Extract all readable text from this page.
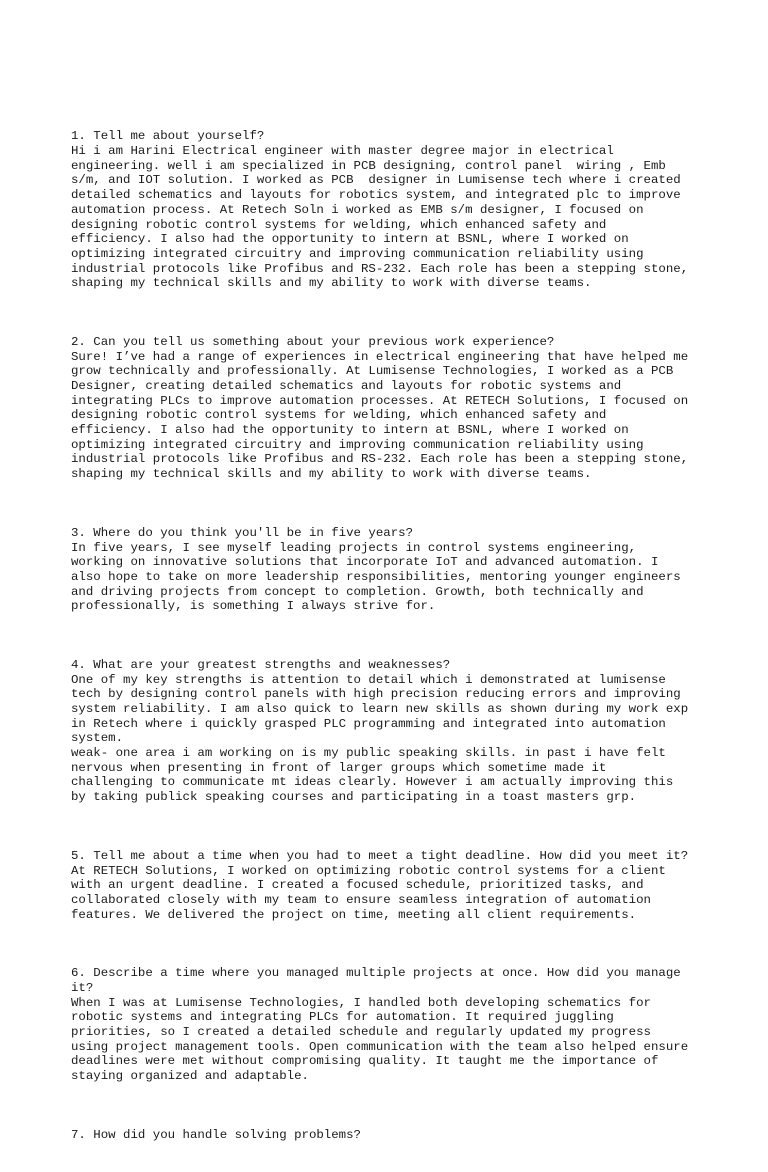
1. Tell me about yourself?
Hi i am Harini Electrical engineer with master degree major in electrical
engineering. well i am specialized in PCB designing, control panel  wiring , Emb
s/m, and IOT solution. I worked as PCB  designer in Lumisense tech where i created
detailed schematics and layouts for robotics system, and integrated plc to improve
automation process. At Retech Soln i worked as EMB s/m designer, I focused on
designing robotic control systems for welding, which enhanced safety and
efficiency. I also had the opportunity to intern at BSNL, where I worked on
optimizing integrated circuitry and improving communication reliability using
industrial protocols like Profibus and RS-232. Each role has been a stepping stone,
shaping my technical skills and my ability to work with diverse teams.

2. Can you tell us something about your previous work experience?
Sure! I’ve had a range of experiences in electrical engineering that have helped me
grow technically and professionally. At Lumisense Technologies, I worked as a PCB
Designer, creating detailed schematics and layouts for robotic systems and
integrating PLCs to improve automation processes. At RETECH Solutions, I focused on
designing robotic control systems for welding, which enhanced safety and
efficiency. I also had the opportunity to intern at BSNL, where I worked on
optimizing integrated circuitry and improving communication reliability using
industrial protocols like Profibus and RS-232. Each role has been a stepping stone,
shaping my technical skills and my ability to work with diverse teams.

3. Where do you think you'll be in five years?
In five years, I see myself leading projects in control systems engineering,
working on innovative solutions that incorporate IoT and advanced automation. I
also hope to take on more leadership responsibilities, mentoring younger engineers
and driving projects from concept to completion. Growth, both technically and
professionally, is something I always strive for.

4. What are your greatest strengths and weaknesses?
One of my key strengths is attention to detail which i demonstrated at lumisense
tech by designing control panels with high precision reducing errors and improving
system reliability. I am also quick to learn new skills as shown during my work exp
in Retech where i quickly grasped PLC programming and integrated into automation
system.
weak- one area i am working on is my public speaking skills. in past i have felt
nervous when presenting in front of larger groups which sometime made it
challenging to communicate mt ideas clearly. However i am actually improving this
by taking publick speaking courses and participating in a toast masters grp.

5. Tell me about a time when you had to meet a tight deadline. How did you meet it?
At RETECH Solutions, I worked on optimizing robotic control systems for a client
with an urgent deadline. I created a focused schedule, prioritized tasks, and
collaborated closely with my team to ensure seamless integration of automation
features. We delivered the project on time, meeting all client requirements.

6. Describe a time where you managed multiple projects at once. How did you manage
it?
When I was at Lumisense Technologies, I handled both developing schematics for
robotic systems and integrating PLCs for automation. It required juggling
priorities, so I created a detailed schedule and regularly updated my progress
using project management tools. Open communication with the team also helped ensure
deadlines were met without compromising quality. It taught me the importance of
staying organized and adaptable.

7. How did you handle solving problems?
